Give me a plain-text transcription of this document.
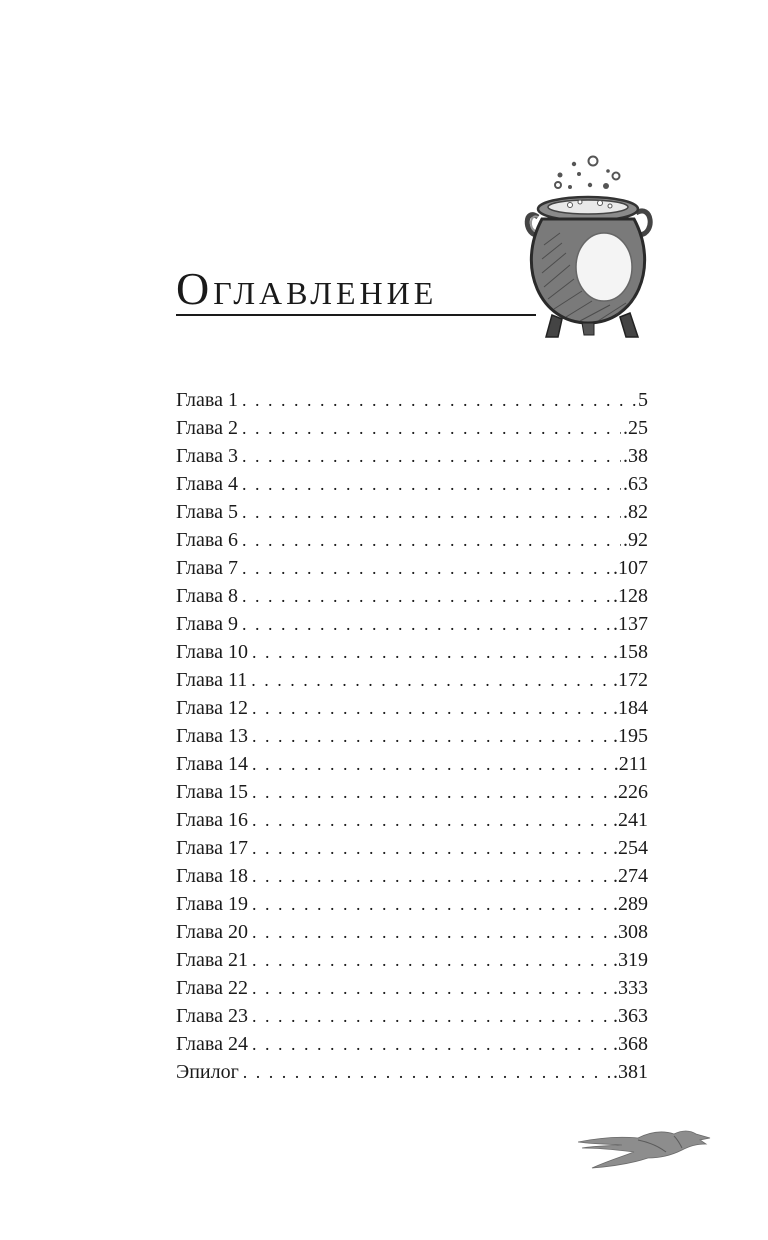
Оглавление
Глава 1 . . .	5
Глава 2 . . .	.25
Глава 3 . . .	.38
Глава 4 . . .	.63
Глава 5 . . .	.82
Глава 6 . . .	.92
Глава 7 . . .	.107
Глава 8 . . .	.128
Глава 9 . . .	.137
Глава 10 . . .	.158
Глава 11 . . .	.172
Глава 12 . . .	.184
Глава 13 . . .	.195
Глава 14 . . .	.211
Глава 15 . . .	.226
Глава 16 . . .	.241
Глава 17 . . .	.254
Глава 18 . . .	.274
Глава 19 . . .	.289
Глава 20 . . .	.308
Глава 21 . . .	.319
Глава 22 . . .	.333
Глава 23 . . .	.363
Глава 24 . . .	.368
Эпилог . . .	.381
